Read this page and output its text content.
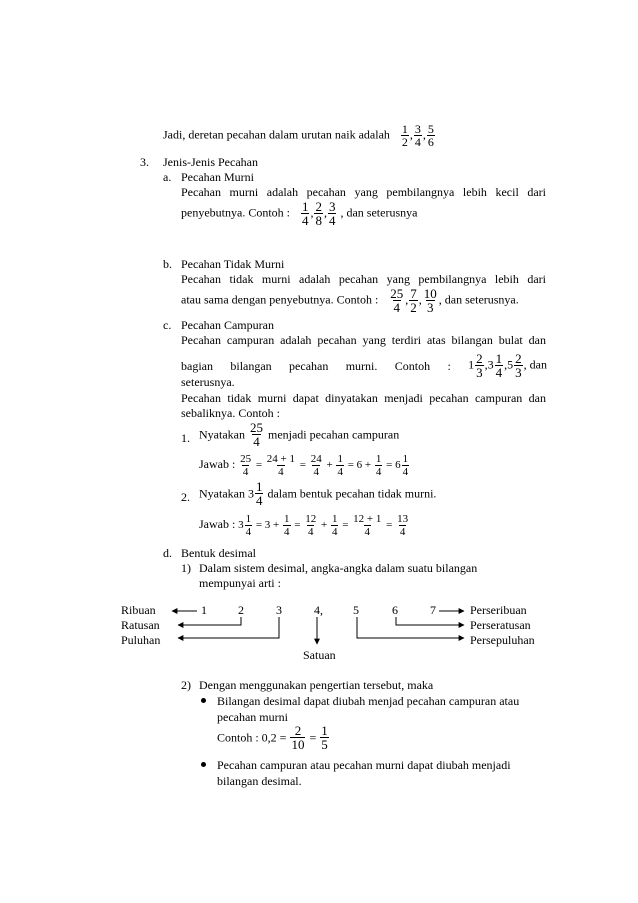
Jadi, deretan pecahan dalam urutan naik adalah $\frac{1}{2}$ , $\frac{3}{4}$ , $\frac{5}{6}$
3. Jenis-Jenis Pecahan
a. Pecahan Murni
Pecahan murni adalah pecahan yang pembilangnya lebih kecil dari
penyebutnya. Contoh : $\frac{1}{4}$ , $\frac{2}{8}$ , $\frac{3}{4}$ , dan seterusnya
b. Pecahan Tidak Murni
Pecahan tidak murni adalah pecahan yang pembilangnya lebih dari
atau sama dengan penyebutnya. Contoh : $\frac{25}{4}$ , $\frac{7}{2}$ , $\frac{10}{3}$ , dan seterusnya.
c. Pecahan Campuran
Pecahan campuran adalah pecahan yang terdiri atas bilangan bulat dan
bagian bilangan pecahan murni. Contoh : $1 \frac{2}{3} ,3 \frac{1}{4} ,5 \frac{2}{3}$ , dan
seterusnya.
Pecahan tidak murni dapat dinyatakan menjadi pecahan campuran dan
sebaliknya. Contoh :
1. Nyatakan $\frac{25}{4}$ menjadi pecahan campuran
Jawab : $\frac{25}{4} = \frac{24 + 1}{4} = \frac{24}{4} + \frac{1}{4} = 6 + \frac{1}{4} = 6 \frac{1}{4}$
2. Nyatakan $3 \frac{1}{4}$ dalam bentuk pecahan tidak murni.
Jawab : $3 \frac{1}{4} = 3 + \frac{1}{4} = \frac{12}{4} + \frac{1}{4} = \frac{12 + 1}{4} = \frac{13}{4}$
d. Bentuk desimal
1) Dalam sistem desimal, angka-angka dalam suatu bilangan
mempunyai arti :
Ribuan
Ratusan
Puluhan
Perseribuan
Perseratusan
Persepuluhan
1	2	3	4,	5	6	7
Satuan
2) Dengan menggunakan pengertian tersebut, maka
Bilangan desimal dapat diubah menjad pecahan campuran atau
pecahan murni
Contoh : $0,2 = \frac{2}{10} = \frac{1}{5}$
Pecahan campuran atau pecahan murni dapat diubah menjadi
bilangan desimal.
